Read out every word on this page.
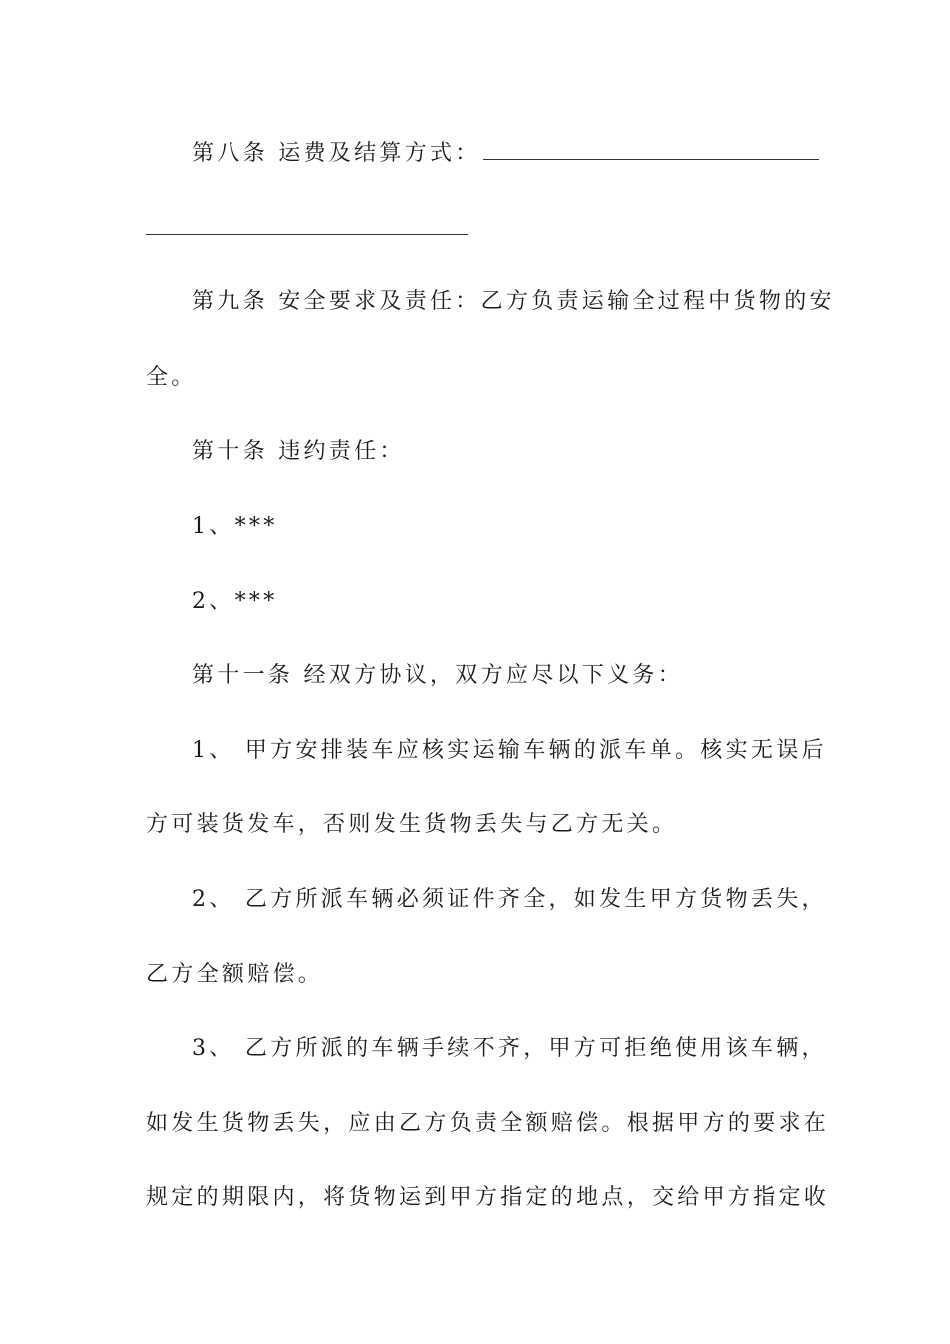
第八条 运费及结算方式：
第九条 安全要求及责任：乙方负责运输全过程中货物的安
全。
第十条 违约责任：
1、***
2、***
第十一条 经双方协议，双方应尽以下义务：
1、 甲方安排装车应核实运输车辆的派车单。核实无误后
方可装货发车，否则发生货物丢失与乙方无关。
2、 乙方所派车辆必须证件齐全，如发生甲方货物丢失，
乙方全额赔偿。
3、 乙方所派的车辆手续不齐，甲方可拒绝使用该车辆，
如发生货物丢失，应由乙方负责全额赔偿。根据甲方的要求在
规定的期限内，将货物运到甲方指定的地点，交给甲方指定收
